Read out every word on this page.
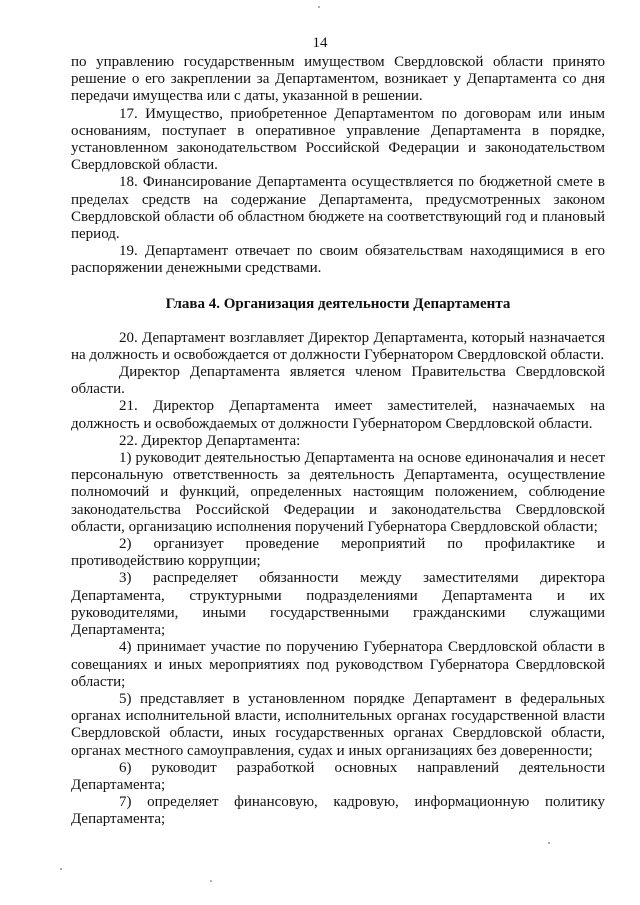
14

по управлению государственным имуществом Свердловской области принято решение о его закреплении за Департаментом, возникает у Департамента со дня передачи имущества или с даты, указанной в решении.

17. Имущество, приобретенное Департаментом по договорам или иным основаниям, поступает в оперативное управление Департамента в порядке, установленном законодательством Российской Федерации и законодательством Свердловской области.

18. Финансирование Департамента осуществляется по бюджетной смете в пределах средств на содержание Департамента, предусмотренных законом Свердловской области об областном бюджете на соответствующий год и плановый период.

19. Департамент отвечает по своим обязательствам находящимися в его распоряжении денежными средствами.

Глава 4. Организация деятельности Департамента

20. Департамент возглавляет Директор Департамента, который назначается на должность и освобождается от должности Губернатором Свердловской области.

Директор Департамента является членом Правительства Свердловской области.

21. Директор Департамента имеет заместителей, назначаемых на должность и освобождаемых от должности Губернатором Свердловской области.

22. Директор Департамента:

1) руководит деятельностью Департамента на основе единоначалия и несет персональную ответственность за деятельность Департамента, осуществление полномочий и функций, определенных настоящим положением, соблюдение законодательства Российской Федерации и законодательства Свердловской области, организацию исполнения поручений Губернатора Свердловской области;

2) организует проведение мероприятий по профилактике и противодействию коррупции;

3) распределяет обязанности между заместителями директора Департамента, структурными подразделениями Департамента и их руководителями, иными государственными гражданскими служащими Департамента;

4) принимает участие по поручению Губернатора Свердловской области в совещаниях и иных мероприятиях под руководством Губернатора Свердловской области;

5) представляет в установленном порядке Департамент в федеральных органах исполнительной власти, исполнительных органах государственной власти Свердловской области, иных государственных органах Свердловской области, органах местного самоуправления, судах и иных организациях без доверенности;

6) руководит разработкой основных направлений деятельности Департамента;

7) определяет финансовую, кадровую, информационную политику Департамента;
